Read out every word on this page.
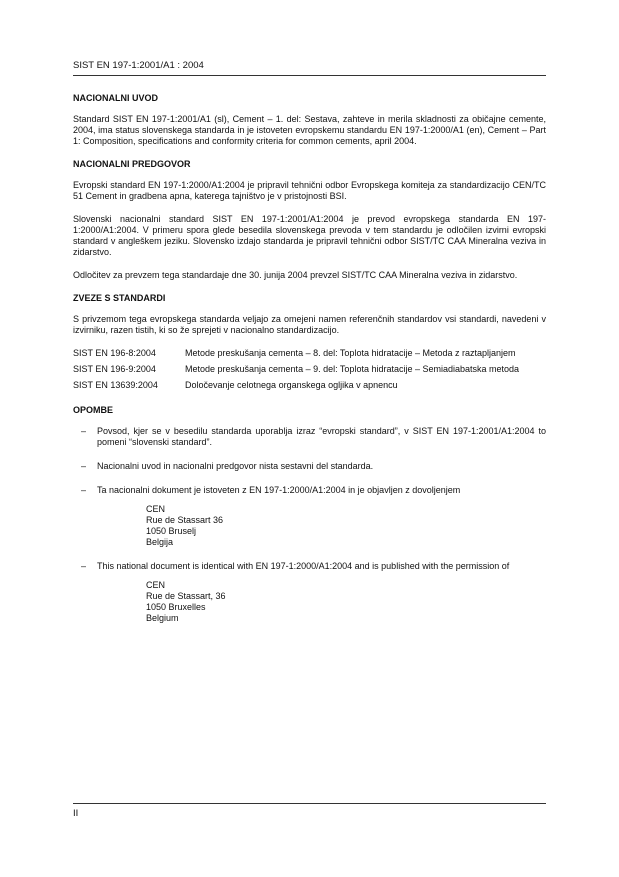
SIST EN 197-1:2001/A1 : 2004
NACIONALNI UVOD

Standard SIST EN 197-1:2001/A1 (sl), Cement – 1. del: Sestava, zahteve in merila skladnosti za običajne cemente, 2004, ima status slovenskega standarda in je istoveten evropskemu standardu EN 197-1:2000/A1 (en), Cement – Part 1: Composition, specifications and conformity criteria for common cements, april 2004.

NACIONALNI PREDGOVOR

Evropski standard EN 197-1:2000/A1:2004 je pripravil tehnični odbor Evropskega komiteja za standardizacijo CEN/TC 51 Cement in gradbena apna, katerega tajništvo je v pristojnosti BSI.

Slovenski nacionalni standard SIST EN 197-1:2001/A1:2004 je prevod evropskega standarda EN 197-1:2000/A1:2004. V primeru spora glede besedila slovenskega prevoda v tem standardu je odločilen izvirni evropski standard v angleškem jeziku. Slovensko izdajo standarda je pripravil tehnični odbor SIST/TC CAA Mineralna veziva in zidarstvo.

Odločitev za prevzem tega standardaje dne 30. junija 2004 prevzel SIST/TC CAA Mineralna veziva in zidarstvo.

ZVEZE S STANDARDI

S privzemom tega evropskega standarda veljajo za omejeni namen referenčnih standardov vsi standardi, navedeni v izvirniku, razen tistih, ki so že sprejeti v nacionalno standardizacijo.

SIST EN 196-8:2004	Metode preskušanja cementa – 8. del: Toplota hidratacije – Metoda z raztapljanjem
SIST EN 196-9:2004	Metode preskušanja cementa – 9. del: Toplota hidratacije – Semiadiabatska metoda
SIST EN 13639:2004	Določevanje celotnega organskega ogljika v apnencu
OPOMBE
– Povsod, kjer se v besedilu standarda uporablja izraz “evropski standard”, v SIST EN 197-1:2001/A1:2004 to pomeni “slovenski standard”.
– Nacionalni uvod in nacionalni predgovor nista sestavni del standarda.
– Ta nacionalni dokument je istoveten z EN 197-1:2000/A1:2004 in je objavljen z dovoljenjem
CEN
Rue de Stassart 36
1050 Bruselj
Belgija
– This national document is identical with EN 197-1:2000/A1:2004 and is published with the permission of
CEN
Rue de Stassart, 36
1050 Bruxelles
Belgium
II
